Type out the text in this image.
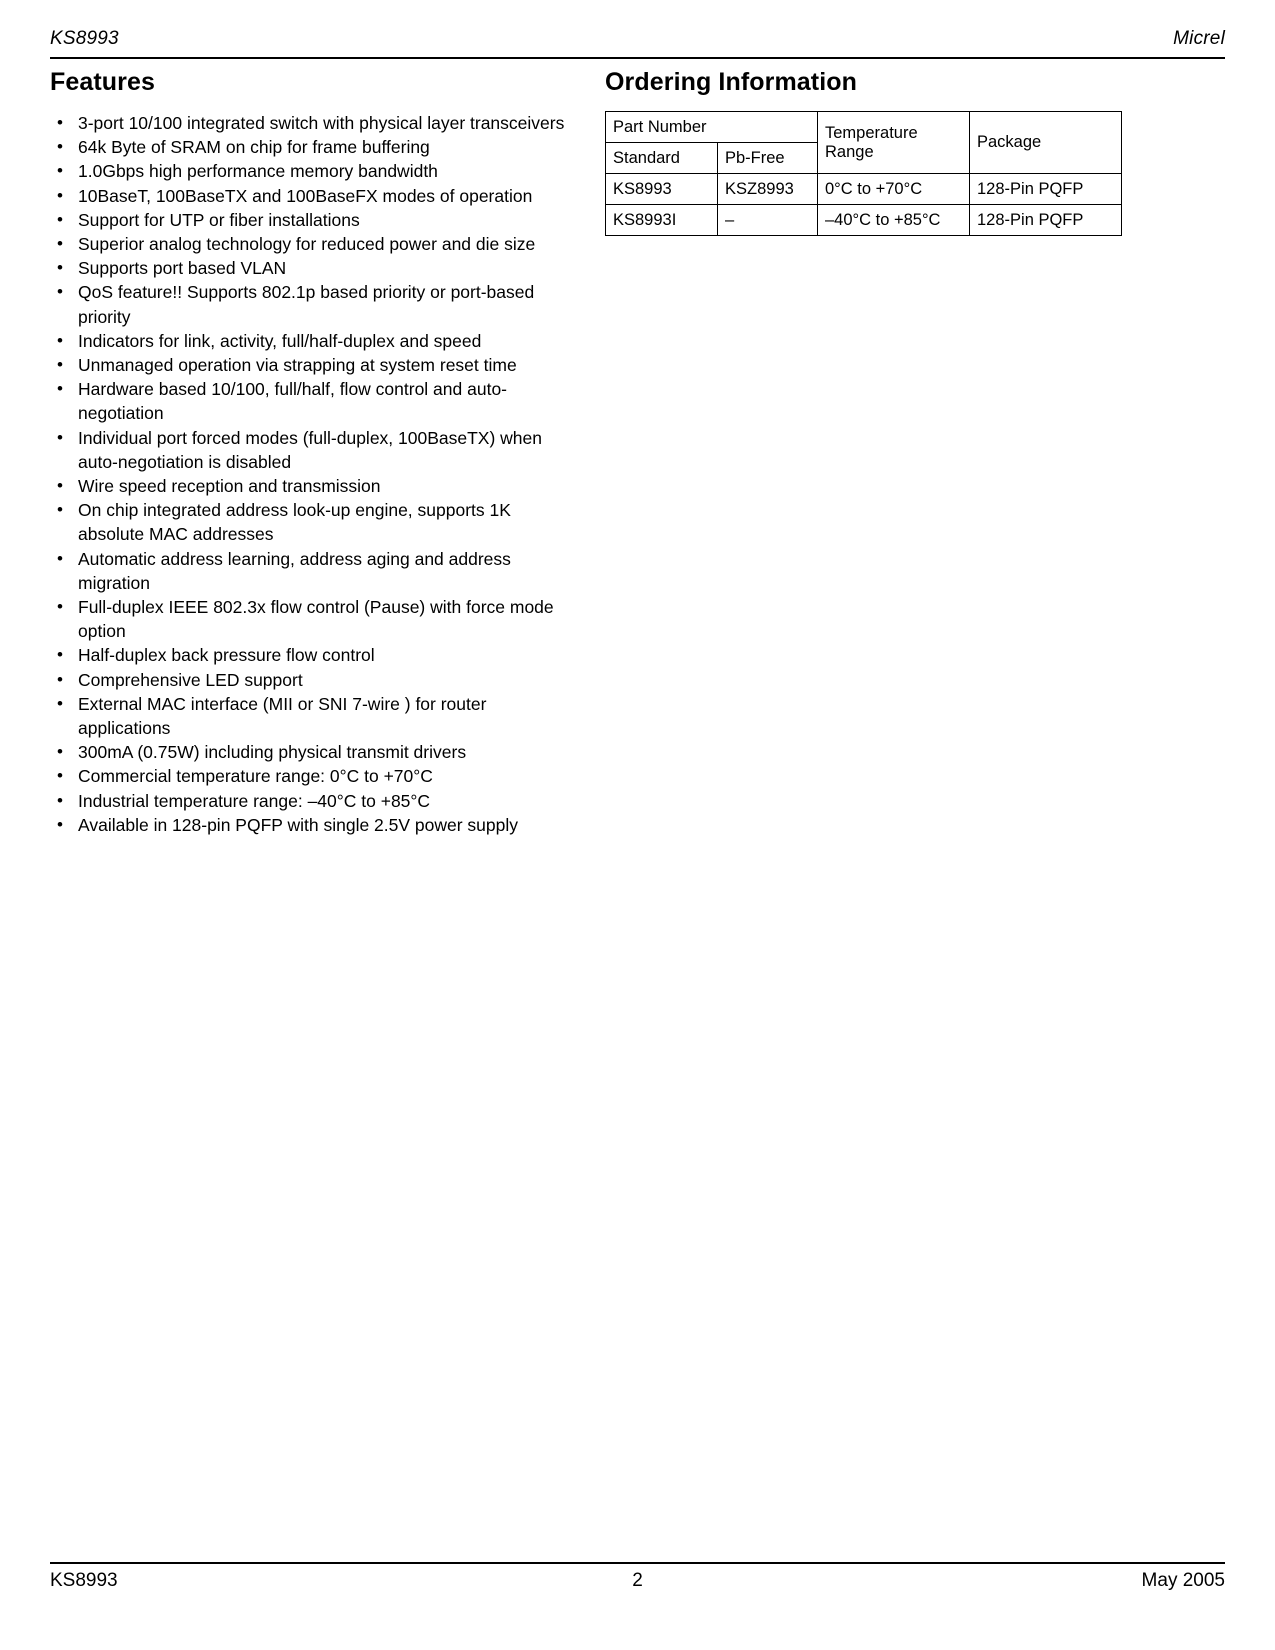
KS8993	Micrel
Features
• 3-port 10/100 integrated switch with physical layer transceivers
• 64k Byte of SRAM on chip for frame buffering
• 1.0Gbps high performance memory bandwidth
• 10BaseT, 100BaseTX and 100BaseFX modes of operation
• Support for UTP or fiber installations
• Superior analog technology for reduced power and die size
• Supports port based VLAN
• QoS feature!! Supports 802.1p based priority or port-based priority
• Indicators for link, activity, full/half-duplex and speed
• Unmanaged operation via strapping at system reset time
• Hardware based 10/100, full/half, flow control and auto-negotiation
• Individual port forced modes (full-duplex, 100BaseTX) when auto-negotiation is disabled
• Wire speed reception and transmission
• On chip integrated address look-up engine, supports 1K absolute MAC addresses
• Automatic address learning, address aging and address migration
• Full-duplex IEEE 802.3x flow control (Pause) with force mode option
• Half-duplex back pressure flow control
• Comprehensive LED support
• External MAC interface (MII or SNI 7-wire ) for router applications
• 300mA (0.75W) including physical transmit drivers
• Commercial temperature range: 0°C to +70°C
• Industrial temperature range: –40°C to +85°C
• Available in 128-pin PQFP with single 2.5V power supply
Ordering Information
Part Number		Temperature Range	Package
Standard	Pb-Free		
KS8993	KSZ8993	0°C to +70°C	128-Pin PQFP
KS8993I	–	–40°C to +85°C	128-Pin PQFP
KS8993	2	May 2005
